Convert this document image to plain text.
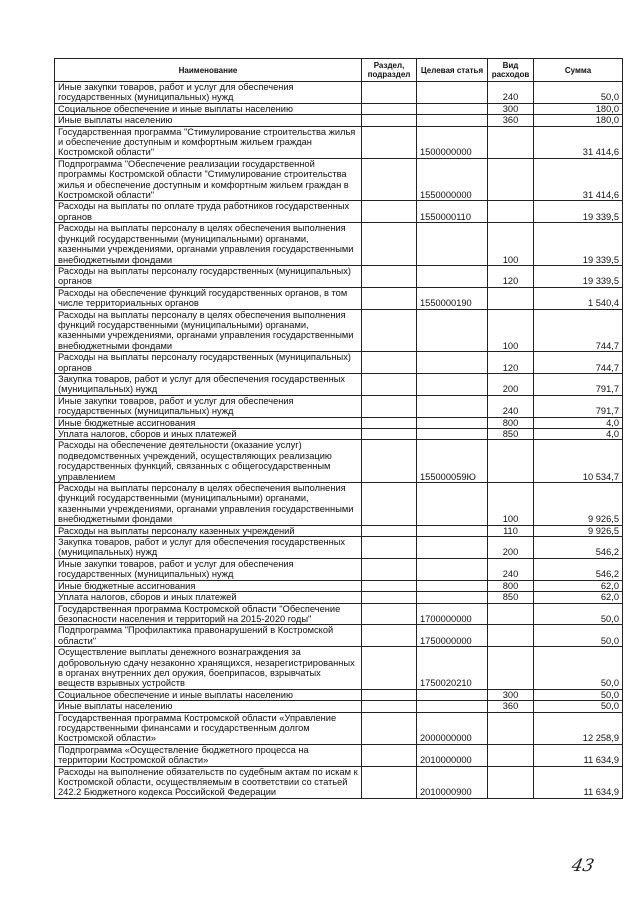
Наименование	Раздел, подраздел	Целевая статья	Вид расходов	Сумма
Иные закупки товаров, работ и услуг для обеспечения государственных (муниципальных) нужд			240	50,0
Социальное обеспечение и иные выплаты населению			300	180,0
Иные выплаты населению			360	180,0
Государственная программа "Стимулирование строительства жилья и обеспечение доступным и комфортным жильем граждан Костромской области"		1500000000		31 414,6
Подпрограмма "Обеспечение реализации государственной программы Костромской области "Стимулирование строительства жилья и обеспечение доступным и комфортным жильем граждан в Костромской области"		1550000000		31 414,6
Расходы на выплаты по оплате труда работников государственных органов		1550000110		19 339,5
Расходы на выплаты персоналу в целях обеспечения выполнения функций государственными (муниципальными) органами, казенными учреждениями, органами управления государственными внебюджетными фондами			100	19 339,5
Расходы на выплаты персоналу государственных (муниципальных) органов			120	19 339,5
Расходы на обеспечение функций государственных органов, в том числе территориальных органов		1550000190		1 540,4
Расходы на выплаты персоналу в целях обеспечения выполнения функций государственными (муниципальными) органами, казенными учреждениями, органами управления государственными внебюджетными фондами			100	744,7
Расходы на выплаты персоналу государственных (муниципальных) органов			120	744,7
Закупка товаров, работ и услуг для обеспечения государственных (муниципальных) нужд			200	791,7
Иные закупки товаров, работ и услуг для обеспечения государственных (муниципальных) нужд			240	791,7
Иные бюджетные ассигнования			800	4,0
Уплата налогов, сборов и иных платежей			850	4,0
Расходы на обеспечение деятельности (оказание услуг) подведомственных учреждений, осуществляющих реализацию государственных функций, связанных с общегосударственным управлением		155000059Ю		10 534,7
Расходы на выплаты персоналу в целях обеспечения выполнения функций государственными (муниципальными) органами, казенными учреждениями, органами управления государственными внебюджетными фондами			100	9 926,5
Расходы на выплаты персоналу казенных учреждений			110	9 926,5
Закупка товаров, работ и услуг для обеспечения государственных (муниципальных) нужд			200	546,2
Иные закупки товаров, работ и услуг для обеспечения государственных (муниципальных) нужд			240	546,2
Иные бюджетные ассигнования			800	62,0
Уплата налогов, сборов и иных платежей			850	62,0
Государственная программа Костромской области "Обеспечение безопасности населения и территорий на 2015-2020 годы"		1700000000		50,0
Подпрограмма "Профилактика правонарушений в Костромской области"		1750000000		50,0
Осуществление выплаты денежного вознаграждения за добровольную сдачу незаконно хранящихся, незарегистрированных в органах внутренних дел оружия, боеприпасов, взрывчатых веществ взрывных устройств		1750020210		50,0
Социальное обеспечение и иные выплаты населению			300	50,0
Иные выплаты населению			360	50,0
Государственная программа Костромской области «Управление государственными финансами и государственным долгом Костромской области»		2000000000		12 258,9
Подпрограмма «Осуществление бюджетного процесса на территории Костромской области»		2010000000		11 634,9
Расходы на выполнение обязательств по судебным актам по искам к Костромской области, осуществляемым в соответствии со статьей 242.2 Бюджетного кодекса Российской Федерации		2010000900		11 634,9
43
